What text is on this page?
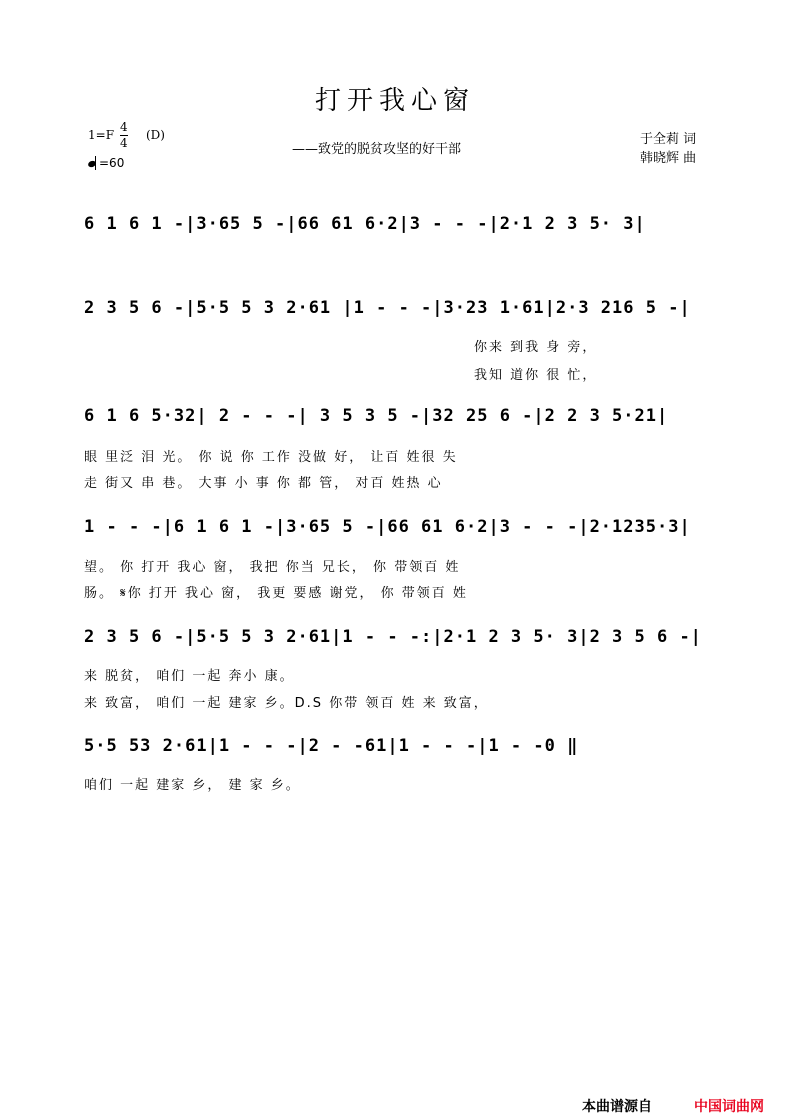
打开我心窗
——致党的脱贫攻坚的好干部
于全莉 词
韩晓辉 曲
1=F
4
4
(D)
=60
6 1 6 1 -|3·65 5 -|66 61 6·2|3 - - -|2·1 2 3 5· 3|
2 3 5 6 -|5·5 5 3 2·61 |1 - - -|3·23 1·61|2·3 216 5 -|
你来 到我 身 旁，
我知 道你 很 忙，
6 1 6 5·32| 2 - - -| 3 5 3 5 -|32 25 6 -|2 2 3 5·21|
眼 里泛 泪 光。 你 说 你 工作 没做 好， 让百 姓很 失
走 街又 串 巷。 大事 小 事 你 都 管， 对百 姓热 心
1 - - -|6 1 6 1 -|3·65 5 -|66 61 6·2|3 - - -|2·1235·3|
望。 你 打开 我心 窗， 我把 你当 兄长， 你 带领百 姓
肠。 𝄋你 打开 我心 窗， 我更 要感 谢党， 你 带领百 姓
2 3 5 6 -|5·5 5 3 2·61|1 - - -:|2·1 2 3 5· 3|2 3 5 6 -|
来 脱贫， 咱们 一起 奔小 康。
来 致富， 咱们 一起 建家 乡。D.S 你带 领百 姓 来 致富，
5·5 53 2·61|1 - - -|2 - -61|1 - - -|1 - -0 ‖
咱们 一起 建家 乡， 建 家 乡。
本曲谱源自	中国词曲网
